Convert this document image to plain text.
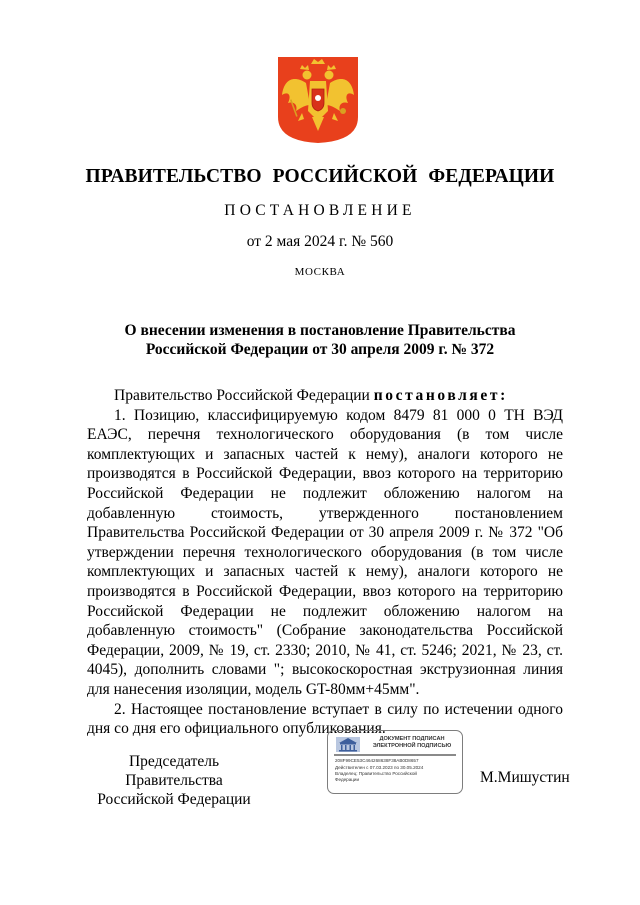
ПРАВИТЕЛЬСТВО РОССИЙСКОЙ ФЕДЕРАЦИИ
ПОСТАНОВЛЕНИЕ
от 2 мая 2024 г. № 560
МОСКВА
О внесении изменения в постановление Правительства
Российской Федерации от 30 апреля 2009 г. № 372

Правительство Российской Федерации постановляет:

1. Позицию, классифицируемую кодом 8479 81 000 0 ТН ВЭД ЕАЭС, перечня технологического оборудования (в том числе комплектующих и запасных частей к нему), аналоги которого не производятся в Российской Федерации, ввоз которого на территорию Российской Федерации не подлежит обложению налогом на добавленную стоимость, утвержденного постановлением Правительства Российской Федерации от 30 апреля 2009 г. № 372 "Об утверждении перечня технологического оборудования (в том числе комплектующих и запасных частей к нему), аналоги которого не производятся в Российской Федерации, ввоз которого на территорию Российской Федерации не подлежит обложению налогом на добавленную стоимость" (Собрание законодательства Российской Федерации, 2009, № 19, ст. 2330; 2010, № 41, ст. 5246; 2021, № 23, ст. 4045), дополнить словами "; высокоскоростная экструзионная линия для нанесения изоляции, модель GT-80мм+45мм".

2. Настоящее постановление вступает в силу по истечении одного дня со дня его официального опубликования.

Председатель Правительства
Российской Федерации
ДОКУМЕНТ ПОДПИСАН
ЭЛЕКТРОННОЙ ПОДПИСЬЮ
208F99CE53C464268638F38AB0D8657
Действителен с 07.03.2023 по 30.05.2024
Владелец: Правительство Российской
Федерации	М.Мишустин
